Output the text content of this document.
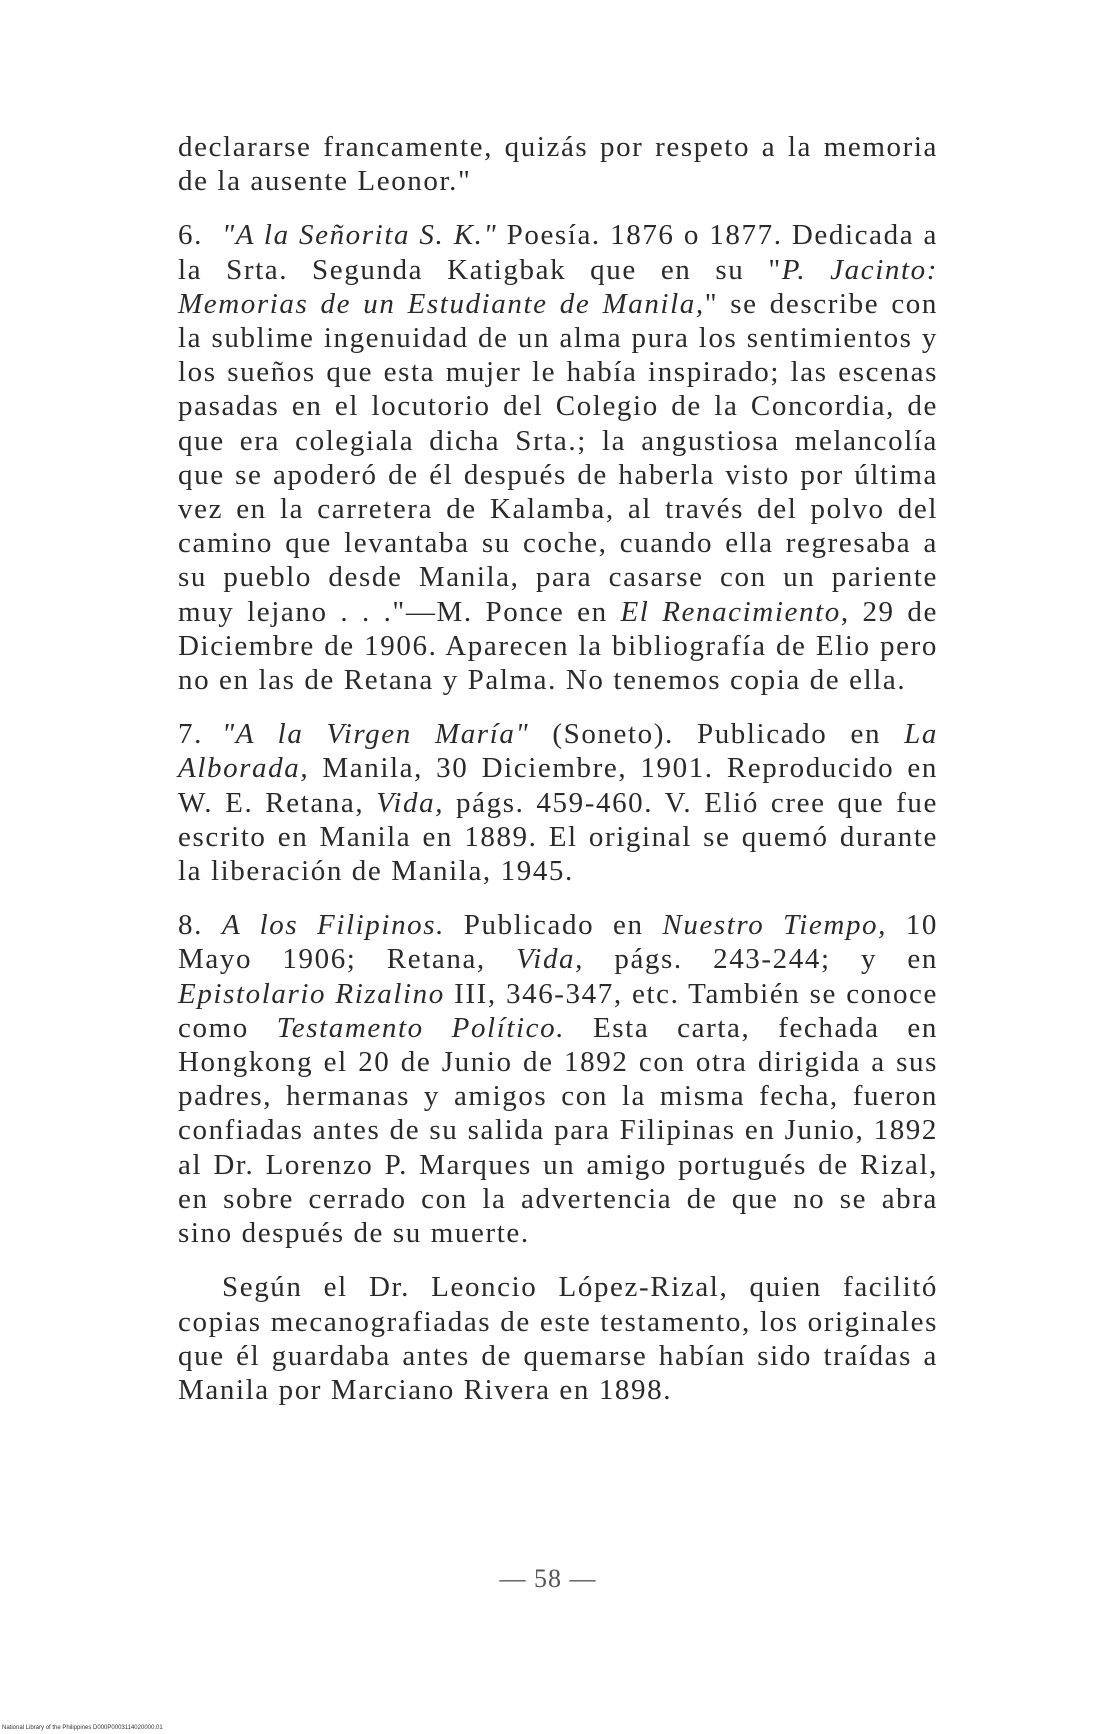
declararse francamente, quizás por respeto a la memoria de la ausente Leonor."

6. "A la Señorita S. K." Poesía. 1876 o 1877. Dedicada a la Srta. Segunda Katigbak que en su "P. Jacinto: Memorias de un Estudiante de Manila," se describe con la sublime ingenuidad de un alma pura los sentimientos y los sueños que esta mujer le había inspirado; las escenas pasadas en el locutorio del Colegio de la Concordia, de que era colegiala dicha Srta.; la angustiosa melancolía que se apoderó de él después de haberla visto por última vez en la carretera de Kalamba, al través del polvo del camino que levantaba su coche, cuando ella regresaba a su pueblo desde Manila, para casarse con un pariente muy lejano . . ."—M. Ponce en El Renacimiento, 29 de Diciembre de 1906. Aparecen la bibliografía de Elio pero no en las de Retana y Palma. No tenemos copia de ella.

7. "A la Virgen María" (Soneto). Publicado en La Alborada, Manila, 30 Diciembre, 1901. Reproducido en W. E. Retana, Vida, págs. 459-460. V. Elió cree que fue escrito en Manila en 1889. El original se quemó durante la liberación de Manila, 1945.

8. A los Filipinos. Publicado en Nuestro Tiempo, 10 Mayo 1906; Retana, Vida, págs. 243-244; y en Epistolario Rizalino III, 346-347, etc. También se conoce como Testamento Político. Esta carta, fechada en Hongkong el 20 de Junio de 1892 con otra dirigida a sus padres, hermanas y amigos con la misma fecha, fueron confiadas antes de su salida para Filipinas en Junio, 1892 al Dr. Lorenzo P. Marques un amigo portugués de Rizal, en sobre cerrado con la advertencia de que no se abra sino después de su muerte.

Según el Dr. Leoncio López-Rizal, quien facilitó copias mecanografiadas de este testamento, los originales que él guardaba antes de quemarse habían sido traídas a Manila por Marciano Rivera en 1898.

— 58 —
National Library of the Philippines D000P0003114020000.01
